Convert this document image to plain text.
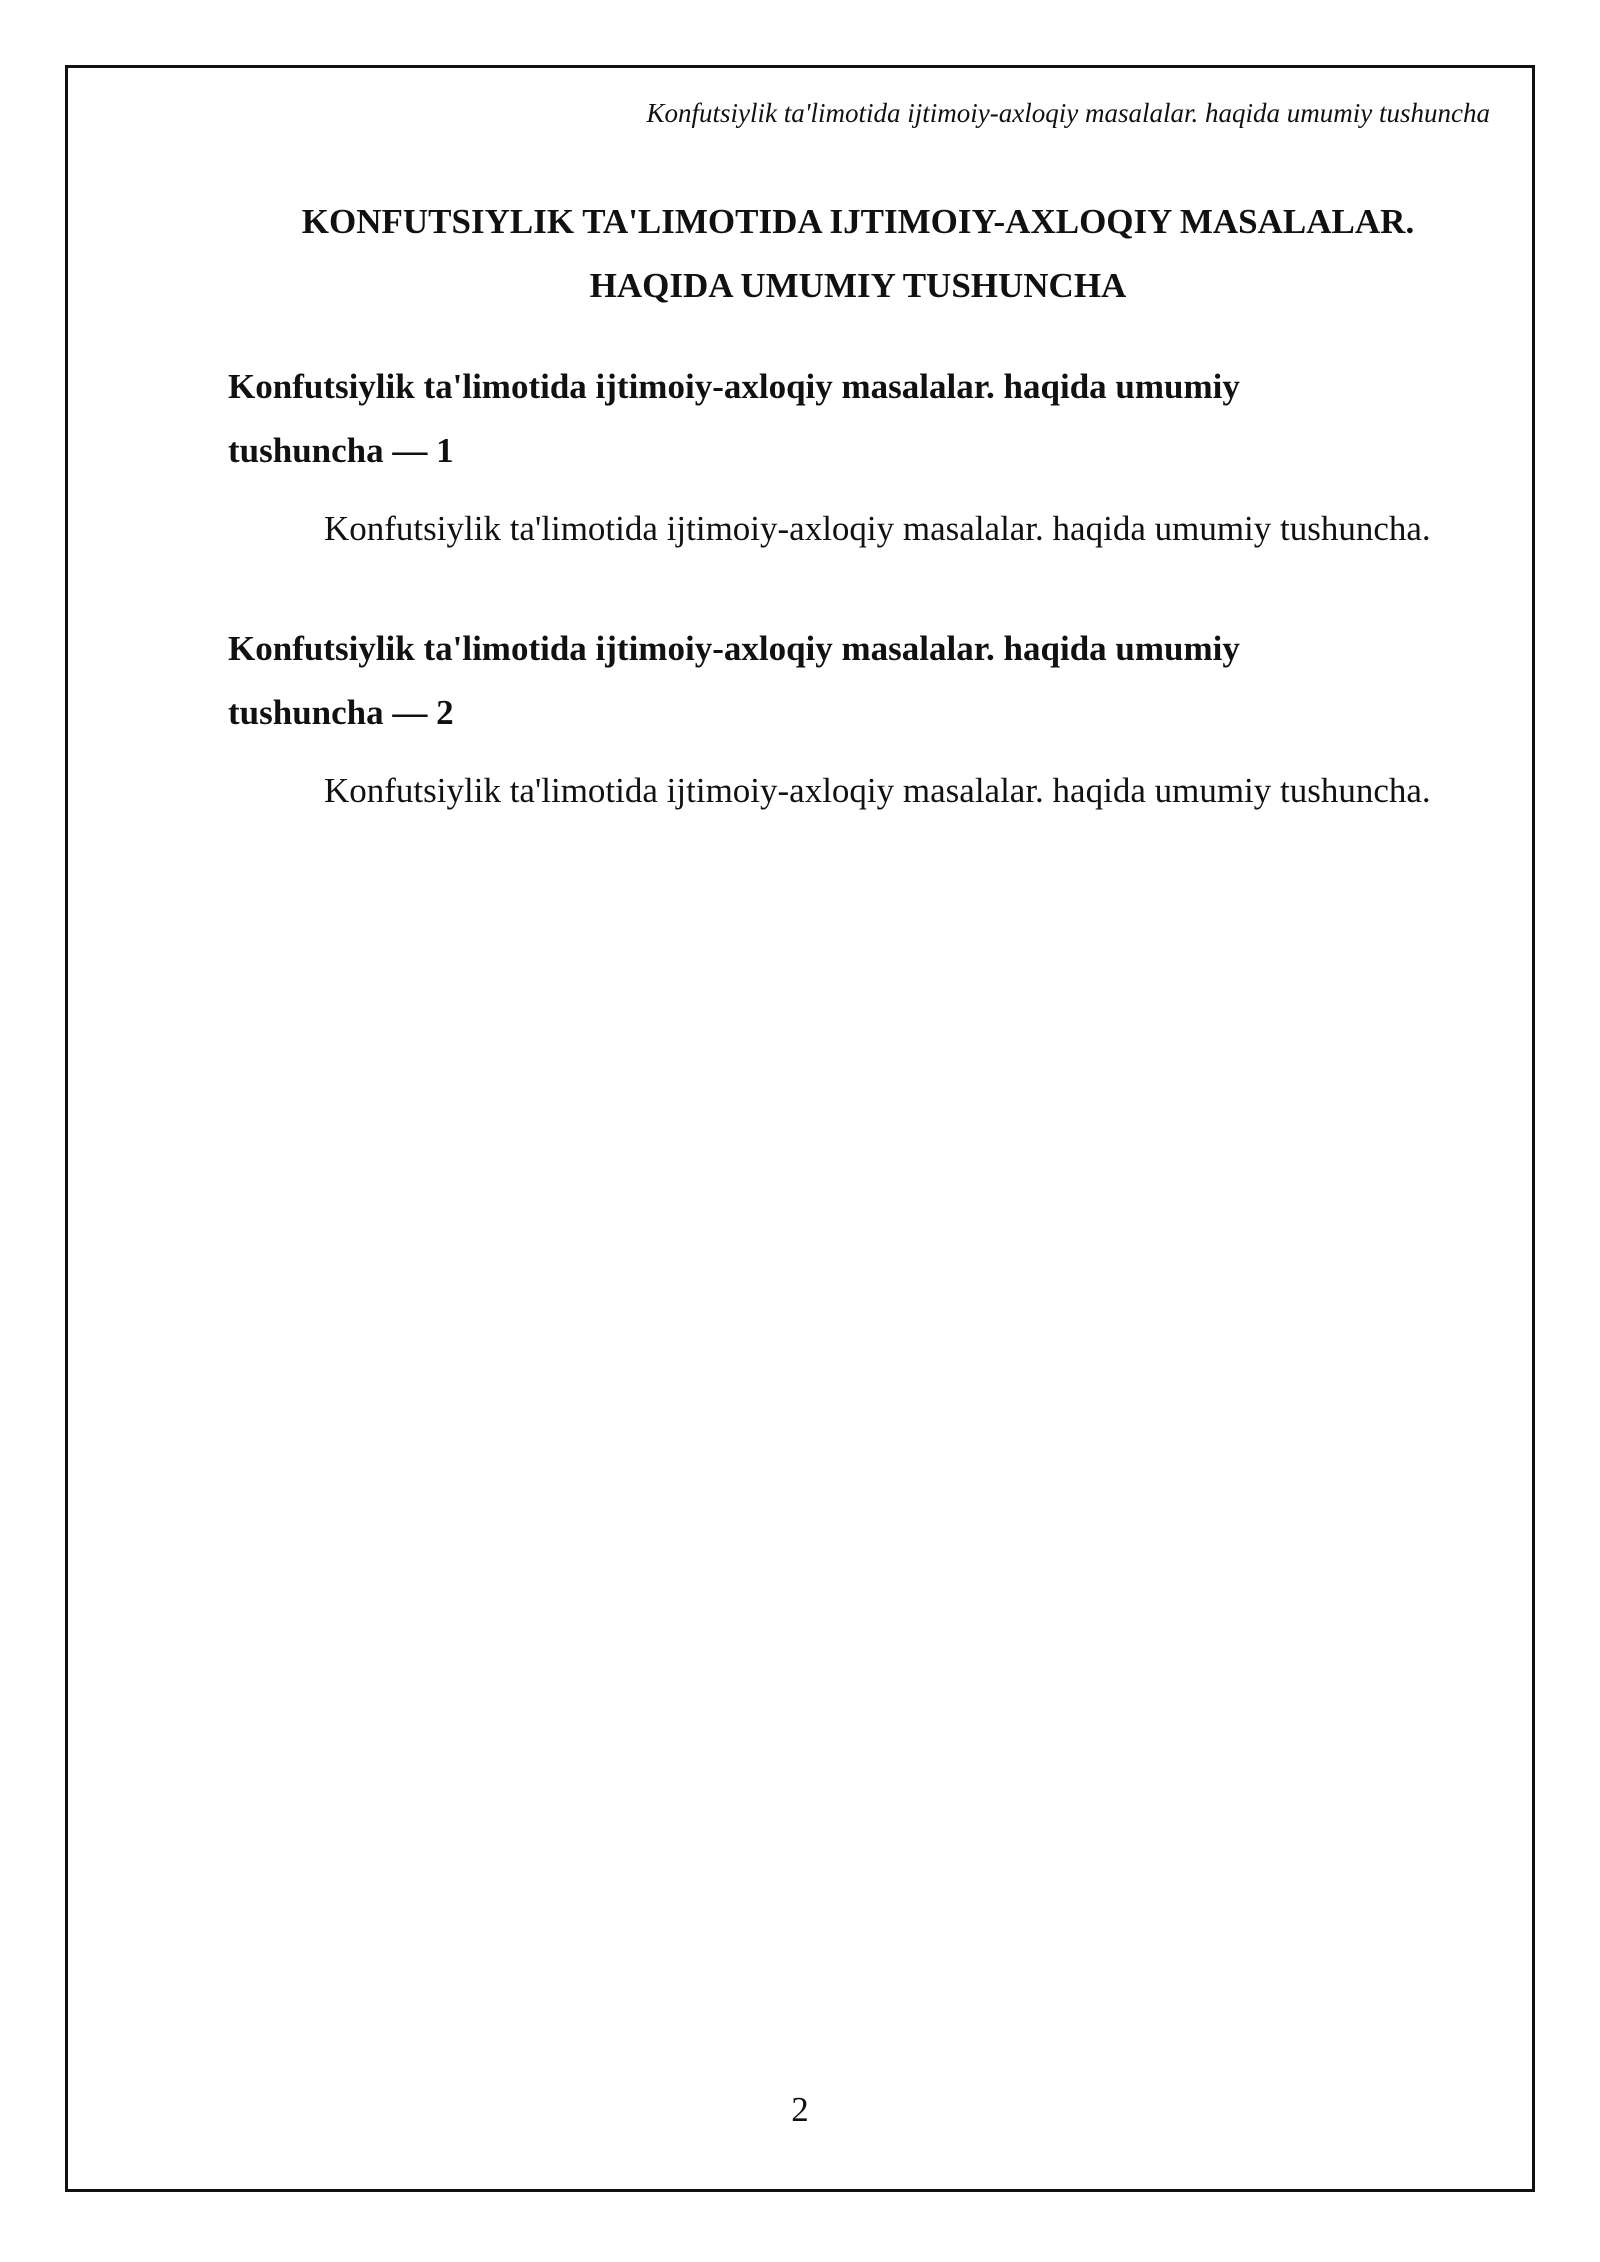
Konfutsiylik ta'limotida ijtimoiy-axloqiy masalalar. haqida umumiy tushuncha
KONFUTSIYLIK TA'LIMOTIDA IJTIMOIY-AXLOQIY MASALALAR.
HAQIDA UMUMIY TUSHUNCHA
Konfutsiylik ta'limotida ijtimoiy-axloqiy masalalar. haqida umumiy tushuncha — 1

Konfutsiylik ta'limotida ijtimoiy-axloqiy masalalar. haqida umumiy tushuncha.

Konfutsiylik ta'limotida ijtimoiy-axloqiy masalalar. haqida umumiy tushuncha — 2

Konfutsiylik ta'limotida ijtimoiy-axloqiy masalalar. haqida umumiy tushuncha.

2
